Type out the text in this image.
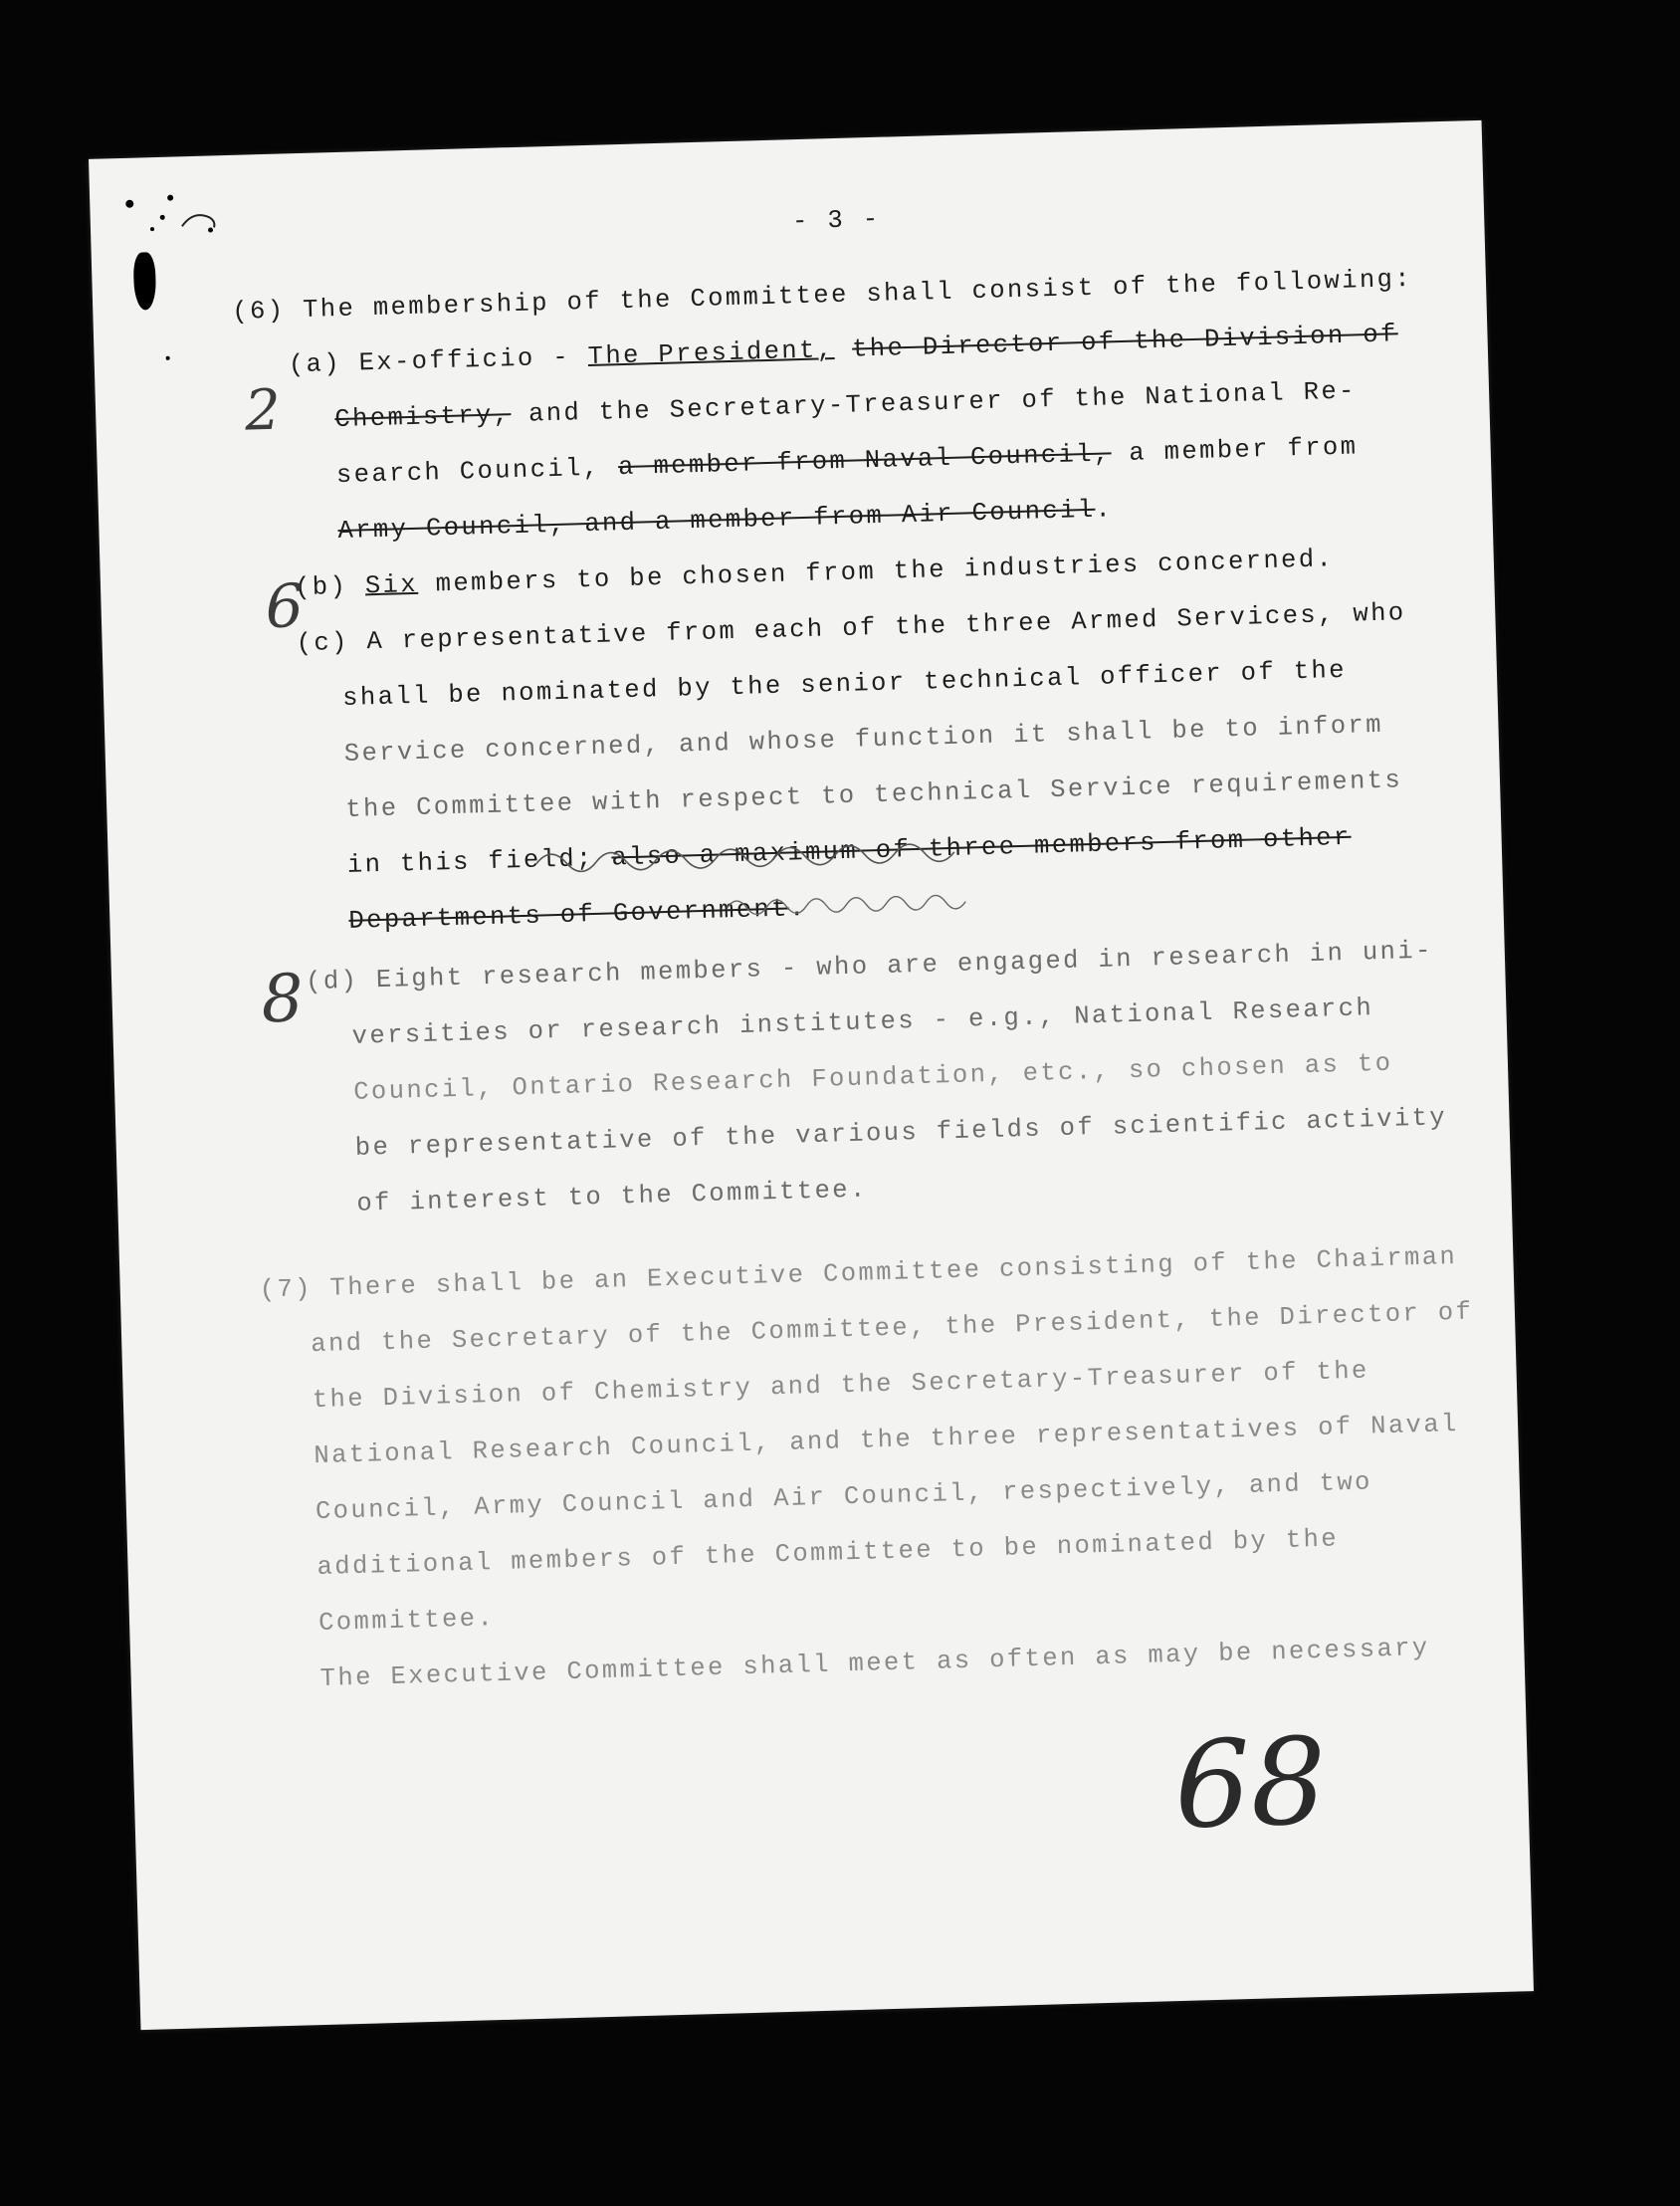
- 3 -
(6) The membership of the Committee shall consist of the following:
(a) Ex-officio - The President, the Director of the Division of
Chemistry, and the Secretary-Treasurer of the National Re-
search Council, a member from Naval Council, a member from
Army Council, and a member from Air Council.
(b) Six members to be chosen from the industries concerned.
(c) A representative from each of the three Armed Services, who
shall be nominated by the senior technical officer of the
Service concerned, and whose function it shall be to inform
the Committee with respect to technical Service requirements
in this field; also a maximum of three members from other
Departments of Government.
(d) Eight research members - who are engaged in research in uni-
versities or research institutes - e.g., National Research
Council, Ontario Research Foundation, etc., so chosen as to
be representative of the various fields of scientific activity
of interest to the Committee.
(7) There shall be an Executive Committee consisting of the Chairman
and the Secretary of the Committee, the President, the Director of
the Division of Chemistry and the Secretary-Treasurer of the
National Research Council, and the three representatives of Naval
Council, Army Council and Air Council, respectively, and two
additional members of the Committee to be nominated by the
Committee.
The Executive Committee shall meet as often as may be necessary
2
6
8
68
